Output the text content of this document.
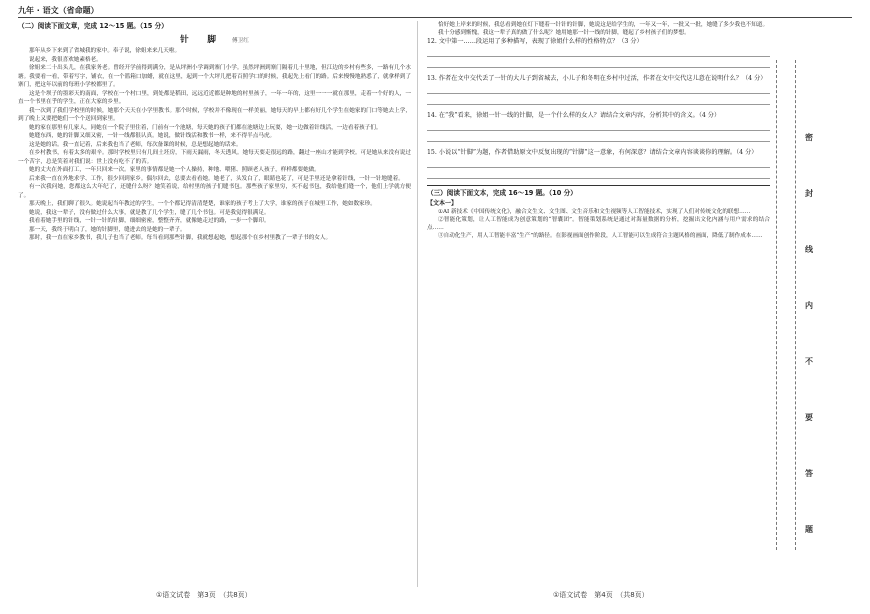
九年 · 语文（省命题）
（二）阅读下面文章，完成 12～15 题。（15 分）
针　脚 傅卫红

那年从乡下来到了省城我的家中。奉子说，徐姐来来几天啦。

说起来，我很喜欢她素格老。

徐姐来二十出头儿，在我家务老。曾经开学前得到满分，是从坪洲小学调到寨门小学。虽然坪洲到寨门隔着几十里地，但江边的乡村有些多，一路有几个水塘。我要看一看，带着写字，铺衣，在一个篮箱口加蜡，就在这里，起到一个大坪儿把着百照学口的时候，我起先上看门的路。后来慢慢地熟悉了，就拿样到了寨门，把这年以前的每班小学校都里了。

这是个坝子的墨彩天的南面，学校在一个村口里，到处都是稻田，远远近近都是种地的村里孩子，一年一年的，这里一一一就在那里，走着一个好的人，一直一个书里在乎的学生，正在大家的乡里。

我一次到了我们学校里的时候，她那个天天在小学里教书。那个时候，学校并不像现在一样美丽，她每天的早上都有好几个学生在她家的门口等她去上学，到了晚上又要把她们一个个送回到家里。

她的家在那里有几家人，同她在一个院子里住着，门前有一个池塘，每天她的孩子们都在池塘边上玩耍，她一边做着针线活，一边看着孩子们。

她缝东西，她的针脚又细又密，一针一线都很认真。她说，做针线活和教书一样，来不得半点马虎。

这是她的话。我一直记着，后来我也当了老师，每次备课的时候，总是想起她的话来。

在乡村教书，有着太多的艰辛。那时学校里只有几间土坯房，下雨天漏雨，冬天透风。她每天要走很远的路，翻过一座山才能到学校。可是她从来没有说过一个苦字，总是笑着对我们说：世上没有吃不了的苦。

她的丈夫在外面打工，一年只回来一次。家里的事情都是她一个人操持，种地、喂猪、照顾老人孩子，样样都要她做。

后来我一直在外地求学、工作，很少回到家乡。偶尔回去，总要去看看她。她老了，头发白了，眼睛也花了，可是手里还是拿着针线，一针一针地缝着。

有一次我问她，您都这么大年纪了，还缝什么呀？她笑着说，给村里的孩子们缝书包。那些孩子家里穷，买不起书包，我给他们缝一个，他们上学就方便了。

那天晚上，我们聊了很久。她说起当年教过的学生，一个个都记得清清楚楚，谁家的孩子考上了大学，谁家的孩子在城里工作，她如数家珍。

她说，我这一辈子，没有做过什么大事，就是教了几个学生，缝了几个书包。可是我觉得很满足。

我看着她手里的针线，一针一针的针脚，细细密密，整整齐齐，就像她走过的路，一步一个脚印。

那一天，我终于明白了，她的针脚里，缝进去的是她的一辈子。

那时，我一直在家乡教书，我儿子也当了老师。每当看到那些针脚，我就想起她，想起那个在乡村里教了一辈子书的女人。

恰好她上岸来的时候，我总看到她在灯下缝着一针针的针脚，她说这是给学生的，一年又一年，一批又一批，她缝了多少我也不知道。

我十分感到惭愧，我这一辈子真的做了什么呢？她用她那一针一线的针脚，缝起了乡村孩子们的梦想。

12. 文中第一……段运用了多种描写，表现了徐姐什么样的性格特点？（3 分）
13. 作者在文中交代丢了一针的大儿子到省城去，小儿子和冬明在乡村中过活，作者在文中交代这儿意在说明什么？（4 分）
14. 在“我”看来，徐姐一针一线的针脚，是一个什么样的女人？请结合文章内容，分析其中的含义。（4 分）
15. 小说以“针脚”为题，作者借助原文中反复出现的“针脚”这一意象，有何深意？请结合文章内容谈谈你的理解。（4 分）
（三）阅读下面文本，完成 16～19 题。（10 分）
【文本一】

①AI 新技术《中国传统文化》，融合文生文、文生图、文生音乐和文生视频等人工智能技术，实现了人们对传统文化的联想……

②智能化策划，让人工智能成为创意策划的“智囊团”。智能策划系统是通过对海量数据的分析，挖掘出文化内涵与用户需求的结合点……

③自动化生产，用人工智能丰富“生产”的路径。在影视画面创作阶段，人工智能可以生成符合主题风格的画面，降低了制作成本……

密
封
线
内
不
要
答
题
①语文试卷　第3页　（共8页）	①语文试卷　第4页　（共8页）
